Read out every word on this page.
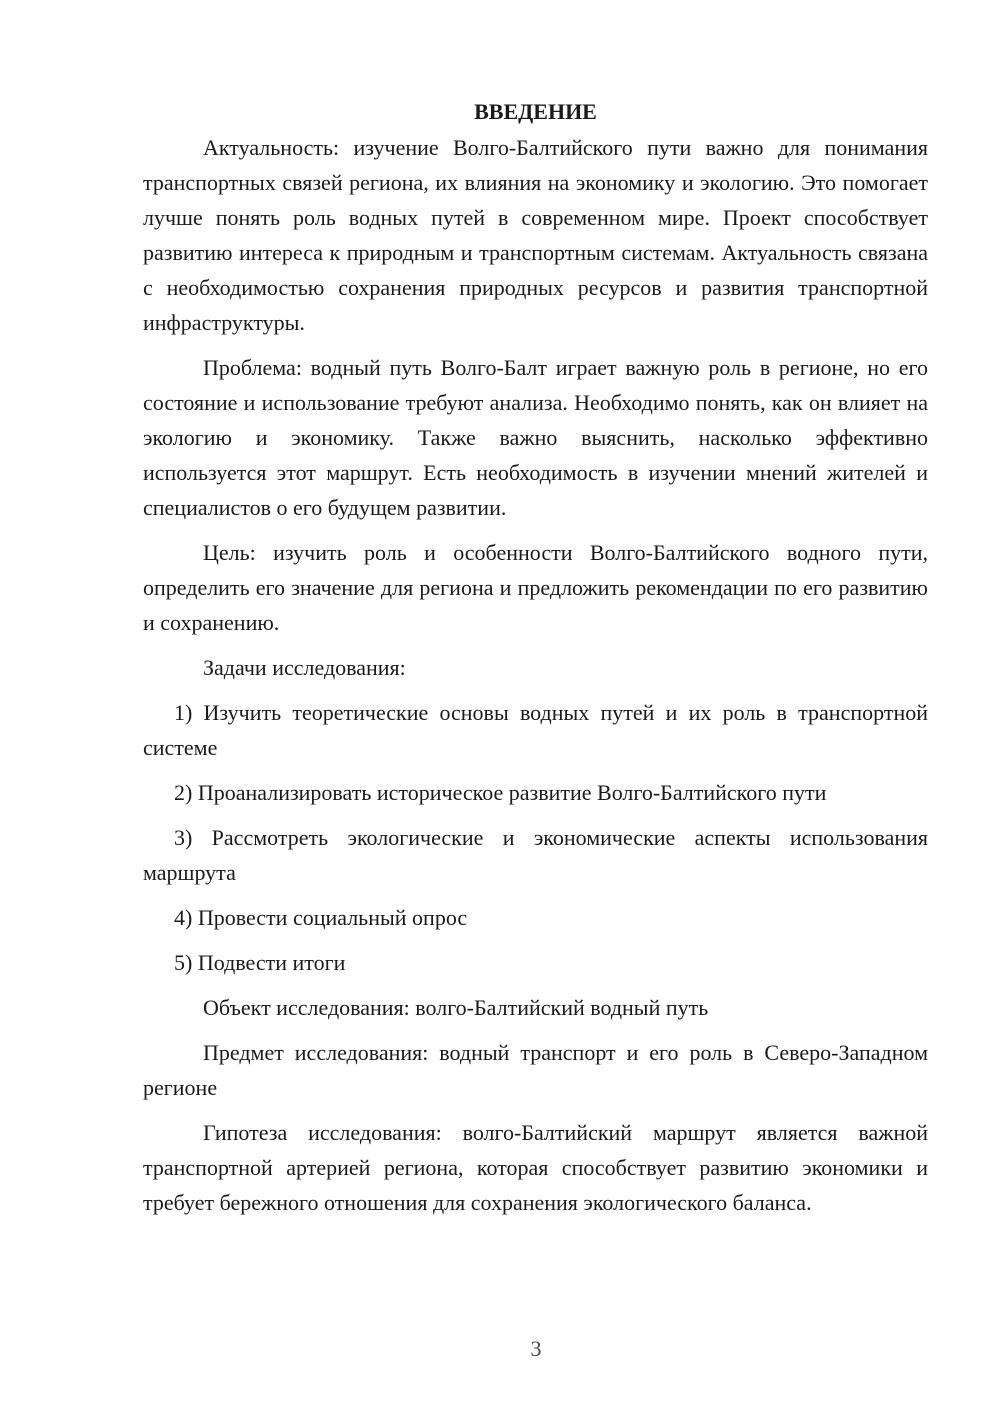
ВВЕДЕНИЕ

Актуальность: изучение Волго-Балтийского пути важно для понимания транспортных связей региона, их влияния на экономику и экологию. Это помогает лучше понять роль водных путей в современном мире. Проект способствует развитию интереса к природным и транспортным системам. Актуальность связана с необходимостью сохранения природных ресурсов и развития транспортной инфраструктуры.

Проблема: водный путь Волго-Балт играет важную роль в регионе, но его состояние и использование требуют анализа. Необходимо понять, как он влияет на экологию и экономику. Также важно выяснить, насколько эффективно используется этот маршрут. Есть необходимость в изучении мнений жителей и специалистов о его будущем развитии.

Цель: изучить роль и особенности Волго-Балтийского водного пути, определить его значение для региона и предложить рекомендации по его развитию и сохранению.

Задачи исследования:

1) Изучить теоретические основы водных путей и их роль в транспортной системе

2) Проанализировать историческое развитие Волго-Балтийского пути

3) Рассмотреть экологические и экономические аспекты использования маршрута

4) Провести социальный опрос

5) Подвести итоги

Объект исследования: волго-Балтийский водный путь

Предмет исследования: водный транспорт и его роль в Северо-Западном регионе

Гипотеза исследования: волго-Балтийский маршрут является важной транспортной артерией региона, которая способствует развитию экономики и требует бережного отношения для сохранения экологического баланса.

3
